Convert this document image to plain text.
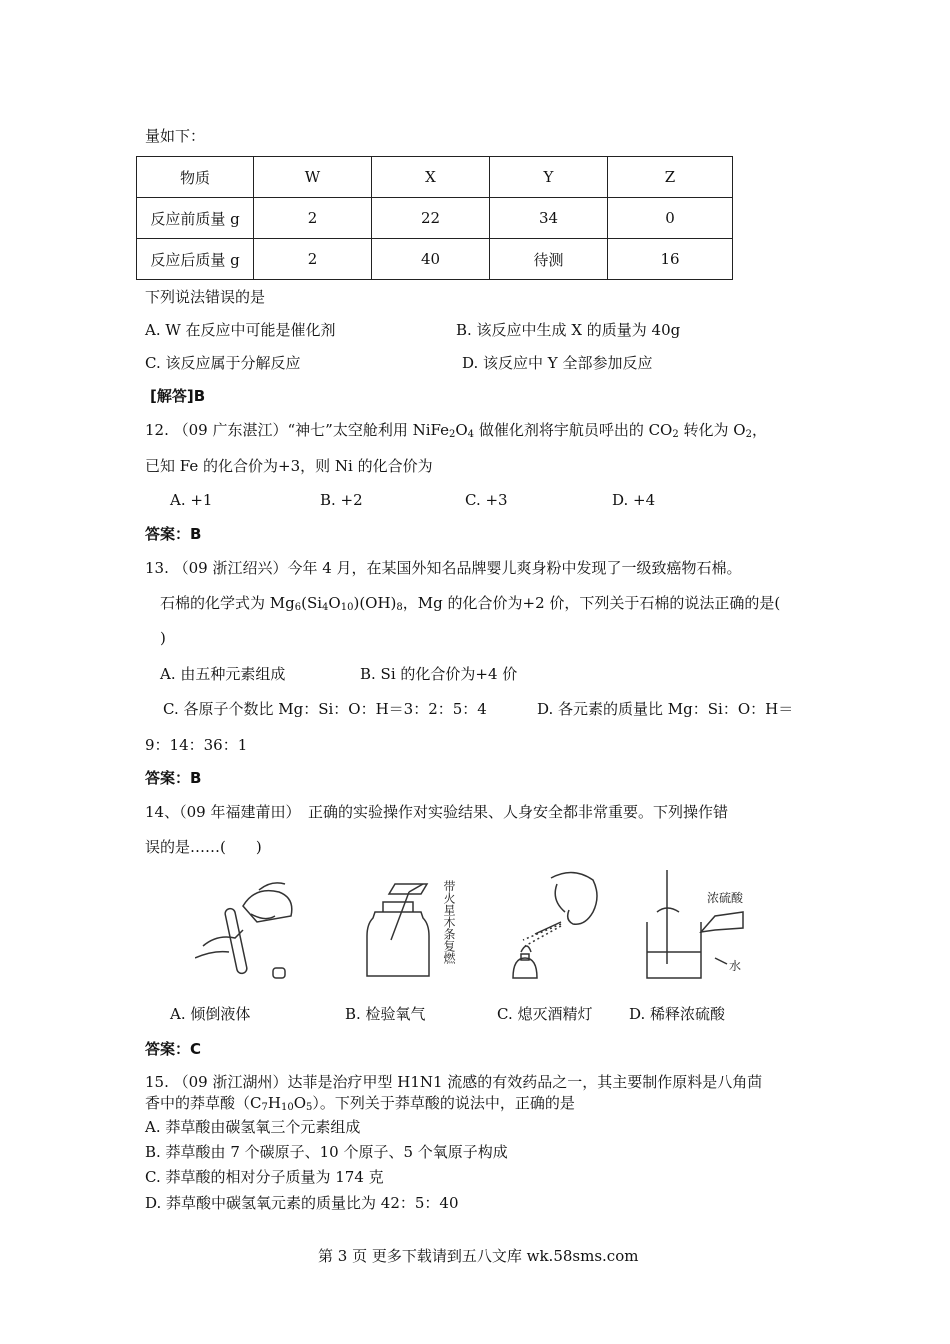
量如下：
物质	W	X	Y	Z
反应前质量 g	2	22	34	0
反应后质量 g	2	40	待测	16
下列说法错误的是
A. W 在反应中可能是催化剂	B. 该反应中生成 X 的质量为 40g
C. 该反应属于分解反应	D. 该反应中 Y 全部参加反应
[解答]B
12. （09 广东湛江）“神七”太空舱利用 $NiFe_2O_4$ 做催化剂将宇航员呼出的 $CO_2$ 转化为 $O_2$，
已知 Fe 的化合价为+3，则 Ni 的化合价为
A. +1	B. +2	C. +3	D. +4
答案：B
13. （09 浙江绍兴）今年 4 月，在某国外知名品牌婴儿爽身粉中发现了一级致癌物石棉。
石棉的化学式为 $Mg_6(Si_4O_{10})(OH)_8$，Mg 的化合价为+2 价，下列关于石棉的说法正确的是(
)
A. 由五种元素组成	B. Si 的化合价为+4 价
C. 各原子个数比 Mg：Si：O：H＝3：2：5：4	D. 各元素的质量比 Mg：Si：O：H＝
9：14：36：1
答案：B
14、（09 年福建莆田）　正确的实验操作对实验结果、人身安全都非常重要。下列操作错
误的是……(　　)
带火星木条复燃	浓硫酸
水
A. 倾倒液体	B. 检验氧气	C. 熄灭酒精灯 D. 稀释浓硫酸
答案：C
15. （09 浙江湖州）达菲是治疗甲型 H1N1 流感的有效药品之一，其主要制作原料是八角茴
香中的莽草酸$(C_7H_{10}O_5)$。下列关于莽草酸的说法中，正确的是
A. 莽草酸由碳氢氧三个元素组成
B. 莽草酸由 7 个碳原子、10 个原子、5 个氧原子构成
C. 莽草酸的相对分子质量为 174 克
D. 莽草酸中碳氢氧元素的质量比为 42：5：40
第 3 页 更多下载请到五八文库 wk.58sms.com
